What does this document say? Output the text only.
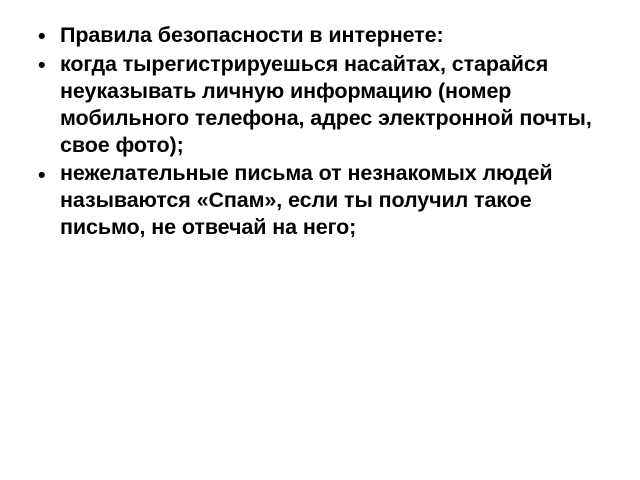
• Правила безопасности в интернете:
• когда тырегистрируешься насайтах, старайся неуказывать личную информацию (номер мобильного телефона, адрес электронной почты, свое фото);
• нежелательные письма от незнакомых людей называются «Спам», если ты получил такое письмо, не отвечай на него;
